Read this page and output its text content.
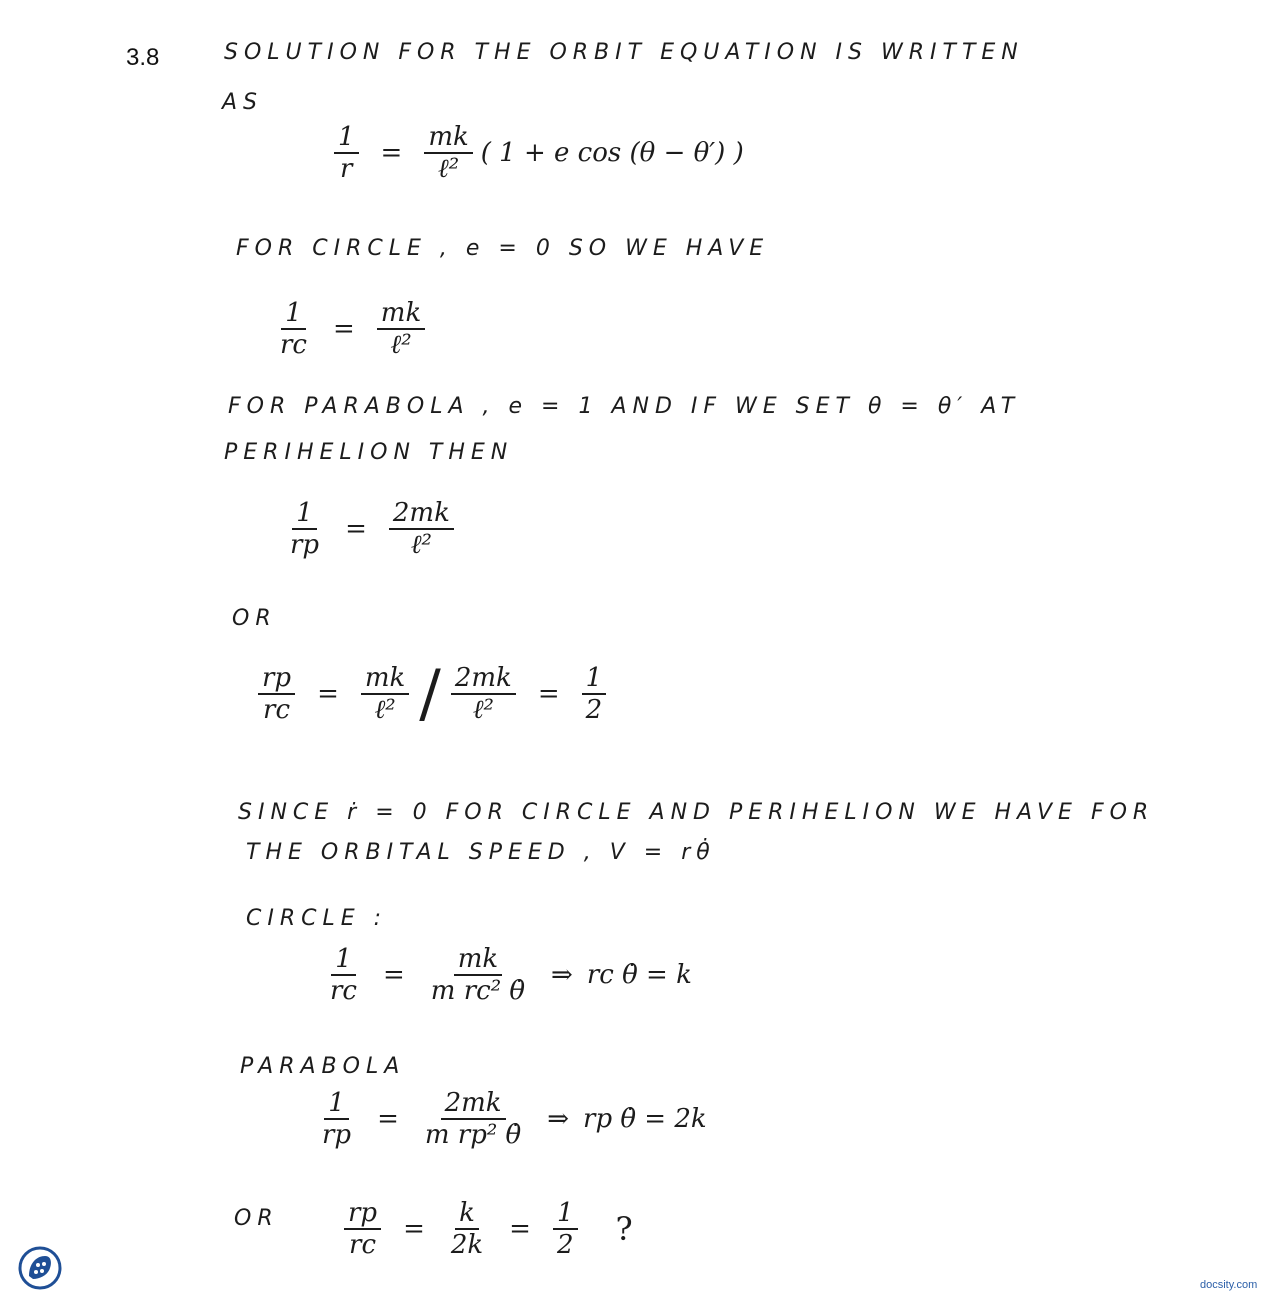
3.8	SOLUTION FOR THE ORBIT EQUATION IS WRITTEN
AS
$\frac{1}{r} = \frac{mk}{\text{ℓ²}}$ ( 1 + e cos (θ − θ′) )
FOR CIRCLE , e = 0 SO WE HAVE
$\frac{1}{rc} = \frac{mk}{\text{ℓ²}}$
FOR PARABOLA , e = 1 AND IF WE SET θ = θ′ AT
PERIHELION THEN
$\frac{1}{rp} = \frac{2mk}{\text{ℓ²}}$
OR
$\frac{rp}{rc} = \frac{mk}{\text{ℓ²}} / \frac{2mk}{\text{ℓ²}} = \frac{1}{2}$
SINCE ṙ = 0 FOR CIRCLE AND PERIHELION WE HAVE FOR
THE ORBITAL SPEED , V = rθ̇
CIRCLE :
$\frac{1}{rc} = \frac{mk}{\text{m rc² θ̇}}$ ⇒ rc θ̇ = k
PARABOLA
$\frac{1}{rp} = \frac{2mk}{\text{m rp² θ̇}}$ ⇒ rp θ̇ = 2k
OR	$\frac{rp}{rc} = \frac{k}{2k} = \frac{1}{2}$ ?
docsity.com
